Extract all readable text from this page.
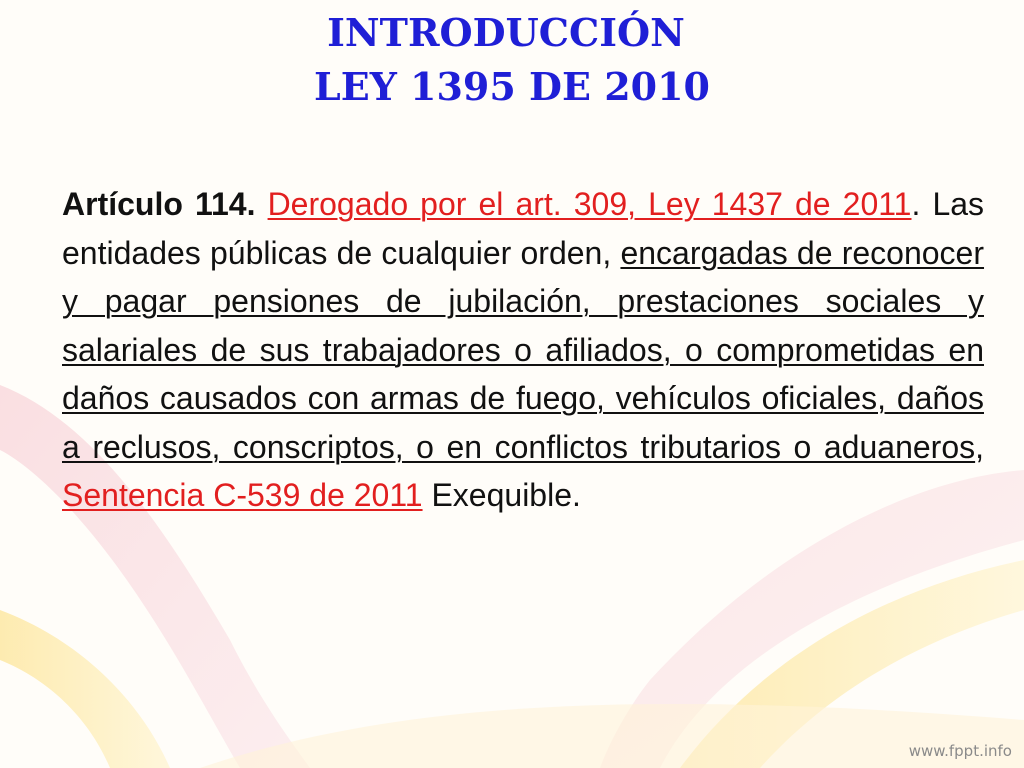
INTRODUCCIÓN
LEY 1395 DE 2010
Artículo 114. Derogado por el art. 309, Ley 1437 de 2011. Las entidades públicas de cualquier orden, encargadas de reconocer y pagar pensiones de jubilación, prestaciones sociales y salariales de sus trabajadores o afiliados, o comprometidas en daños causados con armas de fuego, vehículos oficiales, daños a reclusos, conscriptos, o en conflictos tributarios o aduaneros, Sentencia C-539 de 2011 Exequible.
www.fppt.info
